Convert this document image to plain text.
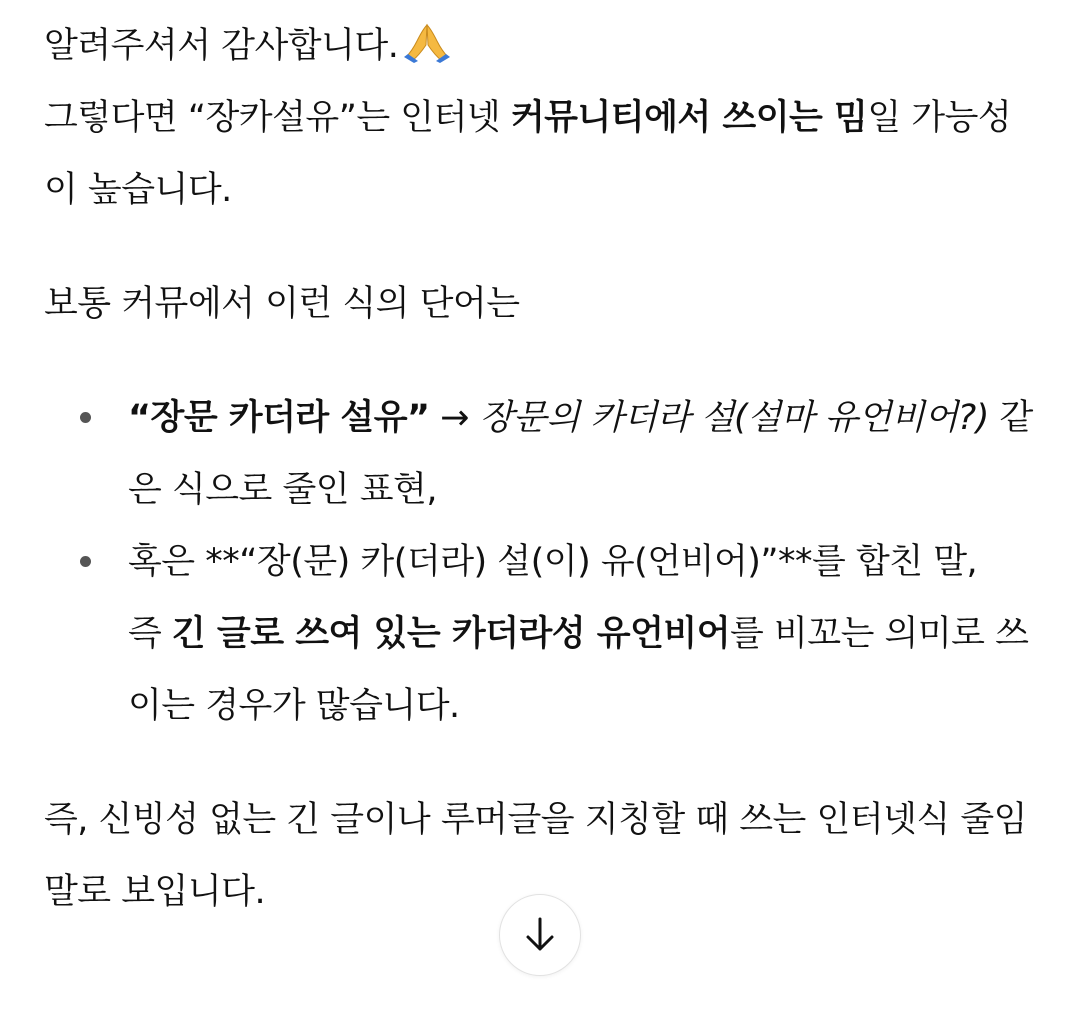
알려주셔서 감사합니다.

그렇다면 “장카설유”는 인터넷 커뮤니티에서 쓰이는 밈일 가능성이 높습니다.

보통 커뮤에서 이런 식의 단어는

“장문 카더라 설유” → 장문의 카더라 설(설마 유언비어?) 같은 식으로 줄인 표현,
혹은 **“장(문) 카(더라) 설(이) 유(언비어)”**를 합친 말,
즉 긴 글로 쓰여 있는 카더라성 유언비어를 비꼬는 의미로 쓰이는 경우가 많습니다.

즉, 신빙성 없는 긴 글이나 루머글을 지칭할 때 쓰는 인터넷식 줄임말로 보입니다.
